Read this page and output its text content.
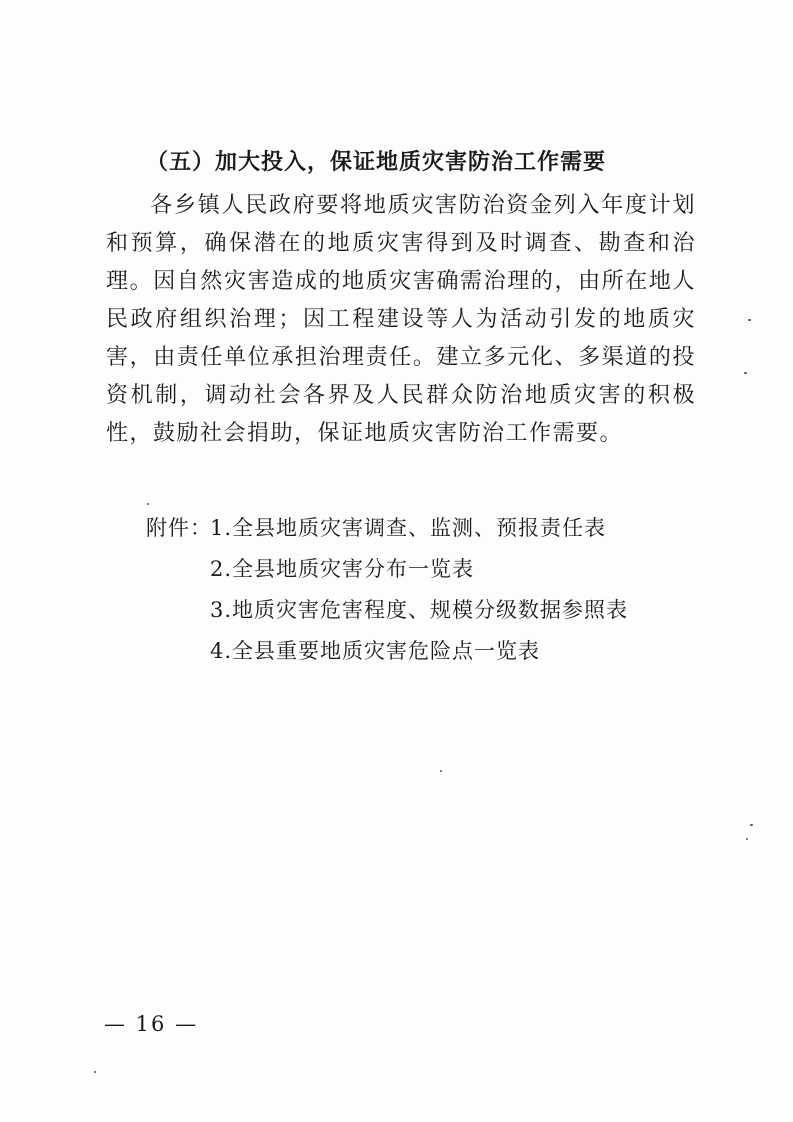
（五）加大投入，保证地质灾害防治工作需要
各乡镇人民政府要将地质灾害防治资金列入年度计划和预算，确保潜在的地质灾害得到及时调查、勘查和治理。因自然灾害造成的地质灾害确需治理的，由所在地人民政府组织治理；因工程建设等人为活动引发的地质灾害，由责任单位承担治理责任。建立多元化、多渠道的投资机制，调动社会各界及人民群众防治地质灾害的积极性，鼓励社会捐助，保证地质灾害防治工作需要。
附件：
1.全县地质灾害调查、监测、预报责任表
2.全县地质灾害分布一览表
3.地质灾害危害程度、规模分级数据参照表
4.全县重要地质灾害危险点一览表
— 16 —
